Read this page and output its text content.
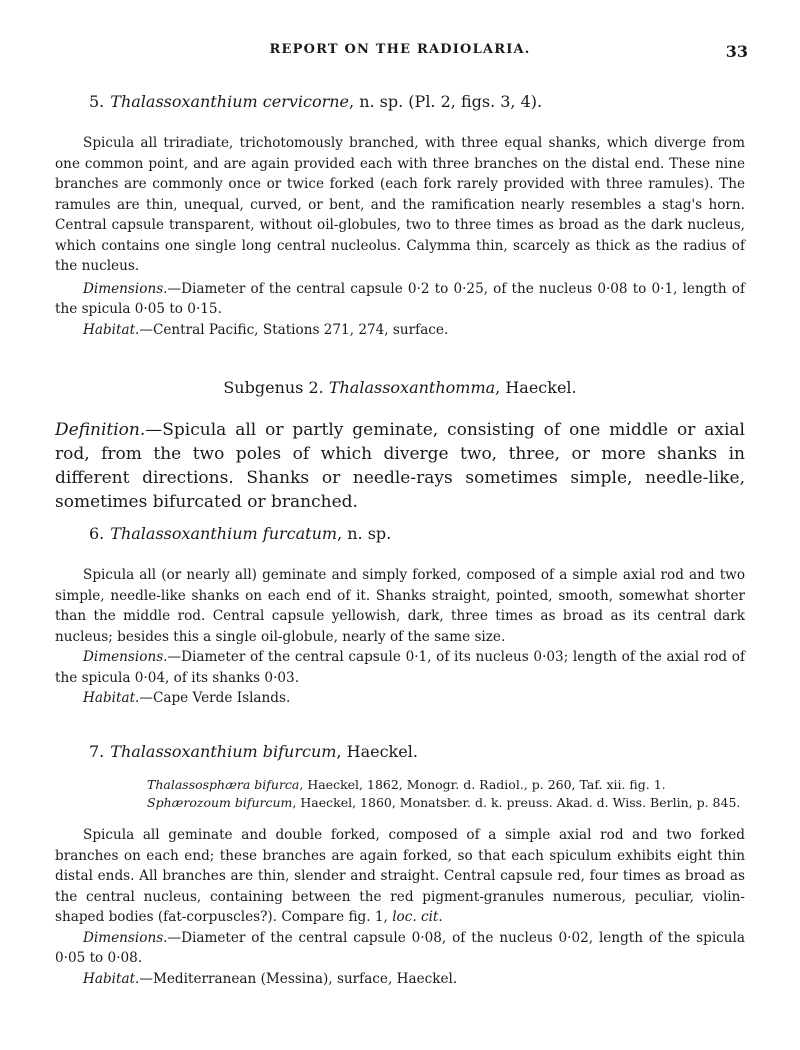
REPORT ON THE RADIOLARIA.	33
5. Thalassoxanthium cervicorne, n. sp. (Pl. 2, figs. 3, 4).

Spicula all triradiate, trichotomously branched, with three equal shanks, which diverge from one common point, and are again provided each with three branches on the distal end. These nine branches are commonly once or twice forked (each fork rarely provided with three ramules). The ramules are thin, unequal, curved, or bent, and the ramification nearly resembles a stag's horn. Central capsule transparent, without oil-globules, two to three times as broad as the dark nucleus, which contains one single long central nucleolus. Calymma thin, scarcely as thick as the radius of the nucleus.

Dimensions.—Diameter of the central capsule 0·2 to 0·25, of the nucleus 0·08 to 0·1, length of the spicula 0·05 to 0·15.

Habitat.—Central Pacific, Stations 271, 274, surface.

Subgenus 2. Thalassoxanthomma, Haeckel.

Definition.—Spicula all or partly geminate, consisting of one middle or axial rod, from the two poles of which diverge two, three, or more shanks in different directions. Shanks or needle-rays sometimes simple, needle-like, sometimes bifurcated or branched.

6. Thalassoxanthium furcatum, n. sp.

Spicula all (or nearly all) geminate and simply forked, composed of a simple axial rod and two simple, needle-like shanks on each end of it. Shanks straight, pointed, smooth, somewhat shorter than the middle rod. Central capsule yellowish, dark, three times as broad as its central dark nucleus; besides this a single oil-globule, nearly of the same size.

Dimensions.—Diameter of the central capsule 0·1, of its nucleus 0·03; length of the axial rod of the spicula 0·04, of its shanks 0·03.

Habitat.—Cape Verde Islands.

7. Thalassoxanthium bifurcum, Haeckel.

Thalassosphæra bifurca, Haeckel, 1862, Monogr. d. Radiol., p. 260, Taf. xii. fig. 1.

Sphærozoum bifurcum, Haeckel, 1860, Monatsber. d. k. preuss. Akad. d. Wiss. Berlin, p. 845.

Spicula all geminate and double forked, composed of a simple axial rod and two forked branches on each end; these branches are again forked, so that each spiculum exhibits eight thin distal ends. All branches are thin, slender and straight. Central capsule red, four times as broad as the central nucleus, containing between the red pigment-granules numerous, peculiar, violin-shaped bodies (fat-corpuscles?). Compare fig. 1, loc. cit.

Dimensions.—Diameter of the central capsule 0·08, of the nucleus 0·02, length of the spicula 0·05 to 0·08.

Habitat.—Mediterranean (Messina), surface, Haeckel.
